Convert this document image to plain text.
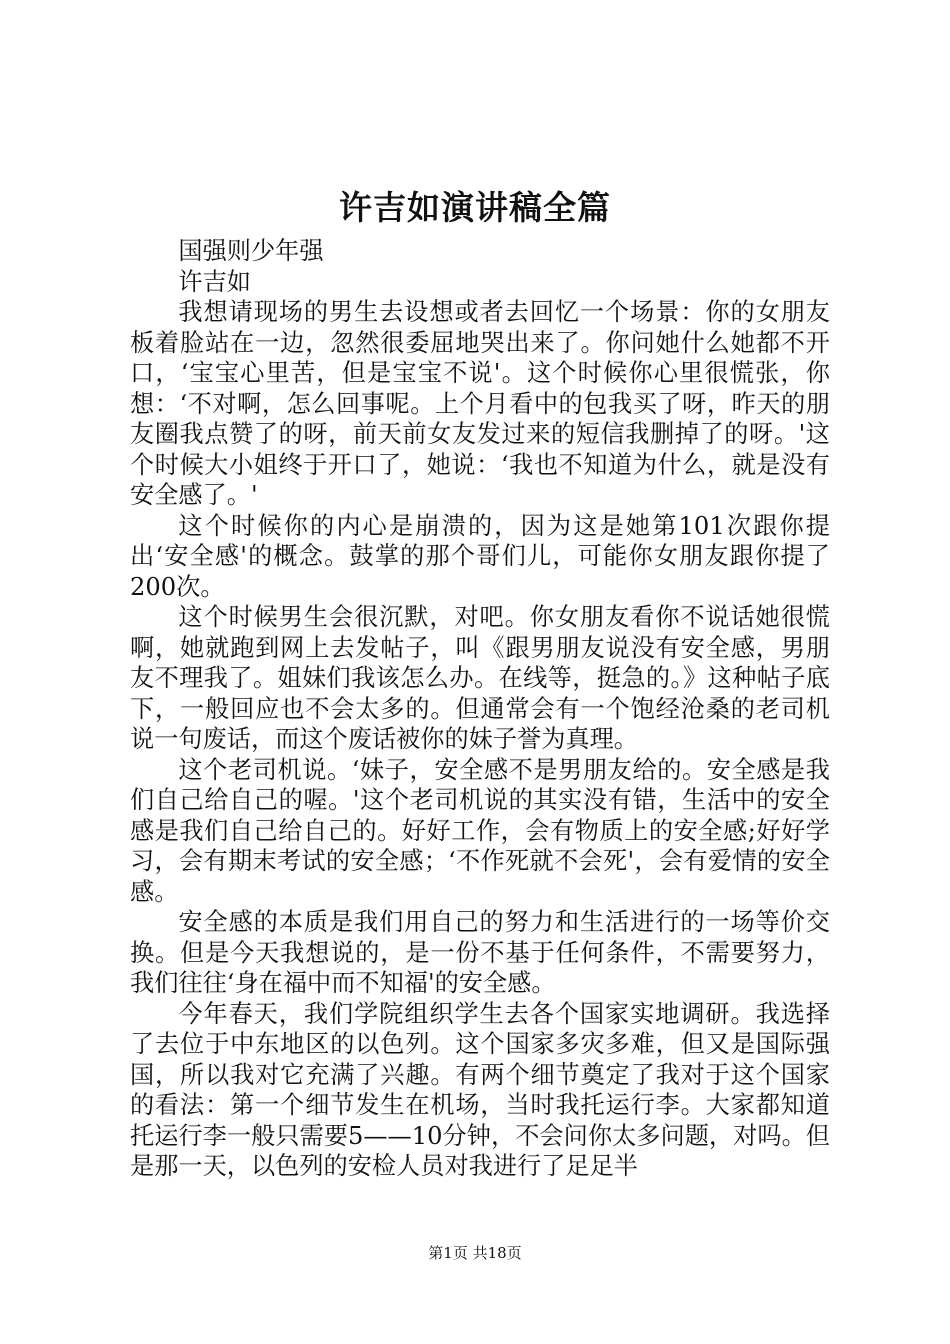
许吉如演讲稿全篇

国强则少年强

许吉如

我想请现场的男生去设想或者去回忆一个场景：你的女朋友板着脸站在一边，忽然很委屈地哭出来了。你问她什么她都不开口，‘宝宝心里苦，但是宝宝不说'。这个时候你心里很慌张，你想：‘不对啊，怎么回事呢。上个月看中的包我买了呀，昨天的朋友圈我点赞了的呀，前天前女友发过来的短信我删掉了的呀。'这个时候大小姐终于开口了，她说：‘我也不知道为什么，就是没有安全感了。'

这个时候你的内心是崩溃的，因为这是她第101次跟你提出‘安全感'的概念。鼓掌的那个哥们儿，可能你女朋友跟你提了200次。

这个时候男生会很沉默，对吧。你女朋友看你不说话她很慌啊，她就跑到网上去发帖子，叫《跟男朋友说没有安全感，男朋友不理我了。姐妹们我该怎么办。在线等，挺急的。》这种帖子底下，一般回应也不会太多的。但通常会有一个饱经沧桑的老司机说一句废话，而这个废话被你的妹子誉为真理。

这个老司机说。‘妹子，安全感不是男朋友给的。安全感是我们自己给自己的喔。'这个老司机说的其实没有错，生活中的安全感是我们自己给自己的。好好工作，会有物质上的安全感;好好学习，会有期末考试的安全感；‘不作死就不会死'，会有爱情的安全感。

安全感的本质是我们用自己的努力和生活进行的一场等价交换。但是今天我想说的，是一份不基于任何条件，不需要努力，我们往往‘身在福中而不知福'的安全感。

今年春天，我们学院组织学生去各个国家实地调研。我选择了去位于中东地区的以色列。这个国家多灾多难，但又是国际强国，所以我对它充满了兴趣。有两个细节奠定了我对于这个国家的看法：第一个细节发生在机场，当时我托运行李。大家都知道托运行李一般只需要5——10分钟，不会问你太多问题，对吗。但是那一天，以色列的安检人员对我进行了足足半

第1页 共18页
